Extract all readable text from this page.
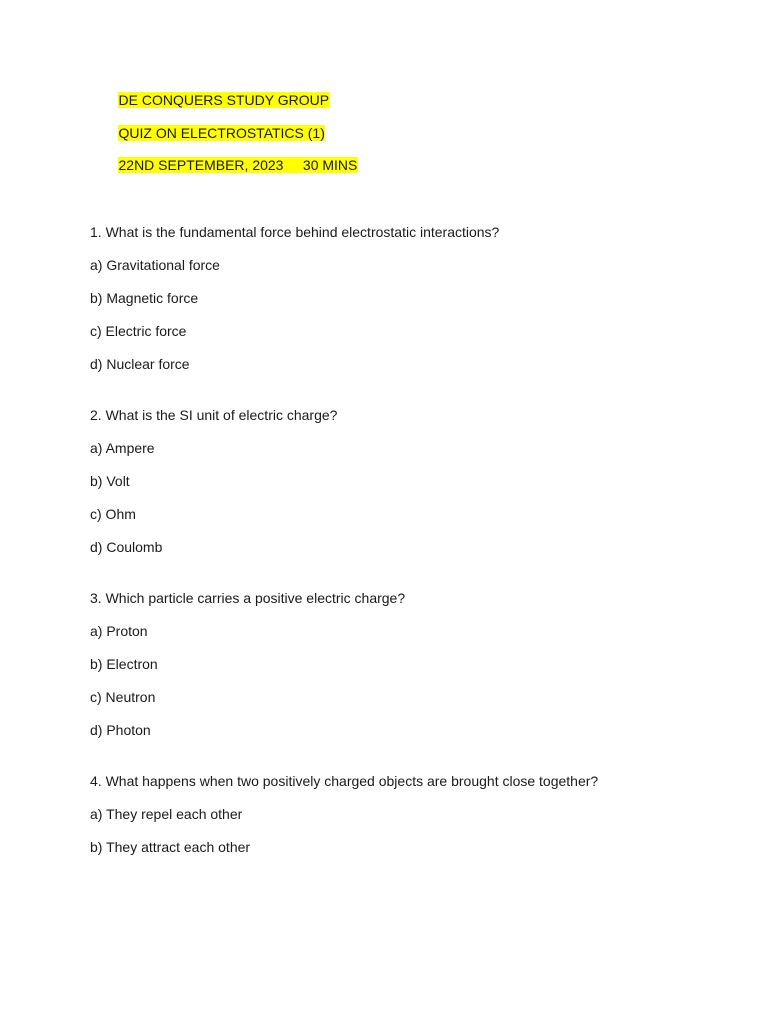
DE CONQUERS STUDY GROUP
QUIZ ON ELECTROSTATICS (1)
22ND SEPTEMBER, 2023     30 MINS
1. What is the fundamental force behind electrostatic interactions?
a) Gravitational force
b) Magnetic force
c) Electric force
d) Nuclear force
2. What is the SI unit of electric charge?
a) Ampere
b) Volt
c) Ohm
d) Coulomb
3. Which particle carries a positive electric charge?
a) Proton
b) Electron
c) Neutron
d) Photon
4. What happens when two positively charged objects are brought close together?
a) They repel each other
b) They attract each other
